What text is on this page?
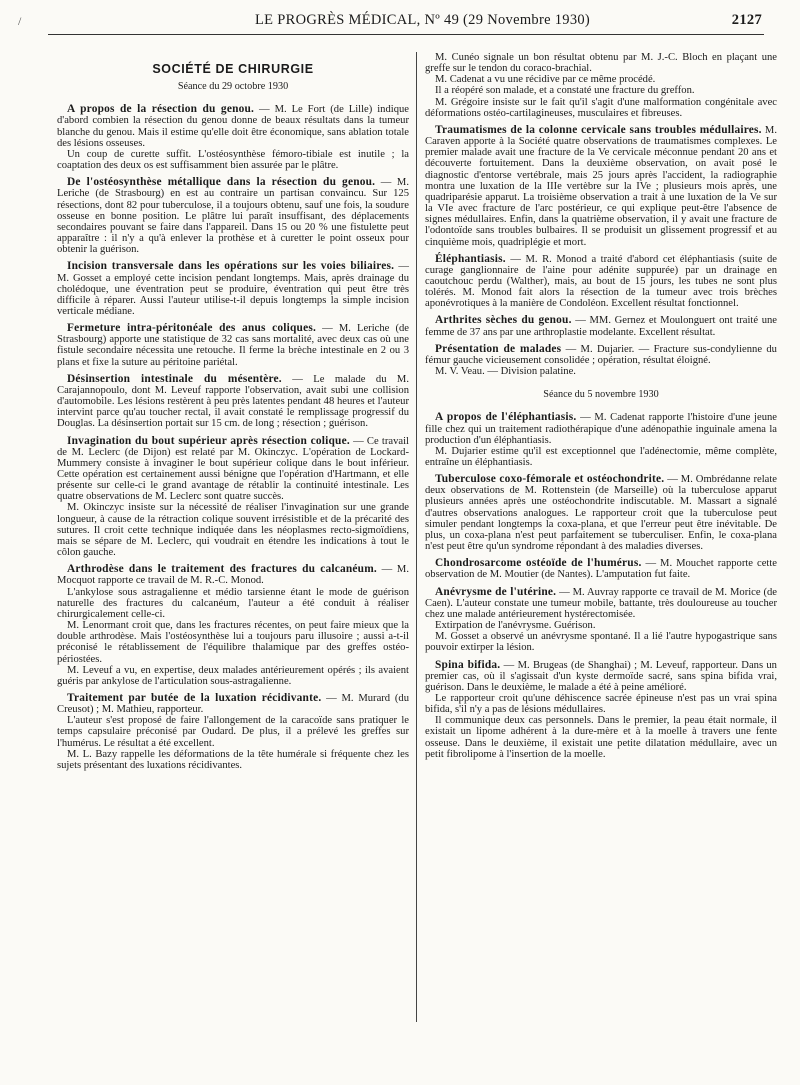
/	LE PROGRÈS MÉDICAL, Nº 49 (29 Novembre 1930)	2127
SOCIÉTÉ DE CHIRURGIE
Séance du 29 octobre 1930

A propos de la résection du genou. — M. Le Fort (de Lille) indique d'abord combien la résection du genou donne de beaux résultats dans la tumeur blanche du genou. Mais il estime qu'elle doit être économique, sans ablation totale des lésions osseuses.

Un coup de curette suffit. L'ostéosynthèse fémoro-tibiale est inutile ; la coaptation des deux os est suffisamment bien assurée par le plâtre.

De l'ostéosynthèse métallique dans la résection du genou. — M. Leriche (de Strasbourg) en est au contraire un partisan convaincu. Sur 125 résections, dont 82 pour tuberculose, il a toujours obtenu, sauf une fois, la soudure osseuse en bonne position. Le plâtre lui paraît insuffisant, des déplacements secondaires pouvant se faire dans l'appareil. Dans 15 ou 20 % une fistulette peut apparaître : il n'y a qu'à enlever la prothèse et à curetter le point osseux pour obtenir la guérison.

Incision transversale dans les opérations sur les voies biliaires. — M. Gosset a employé cette incision pendant longtemps. Mais, après drainage du cholédoque, une éventration peut se produire, éventration qui peut être très difficile à réparer. Aussi l'auteur utilise-t-il depuis longtemps la simple incision verticale médiane.

Fermeture intra-péritonéale des anus coliques. — M. Leriche (de Strasbourg) apporte une statistique de 32 cas sans mortalité, avec deux cas où une fistule secondaire nécessita une retouche. Il ferme la brèche intestinale en 2 ou 3 plans et fixe la suture au péritoine pariétal.

Désinsertion intestinale du mésentère. — Le malade du M. Carajannopoulo, dont M. Leveuf rapporte l'observation, avait subi une collision d'automobile. Les lésions restèrent à peu près latentes pendant 48 heures et l'auteur intervint parce qu'au toucher rectal, il avait constaté le remplissage progressif du Douglas. La désinsertion portait sur 15 cm. de long ; résection ; guérison.

Invagination du bout supérieur après résection colique. — Ce travail de M. Leclerc (de Dijon) est relaté par M. Okinczyc. L'opération de Lockard-Mummery consiste à invaginer le bout supérieur colique dans le bout inférieur. Cette opération est certainement aussi bénigne que l'opération d'Hartmann, et elle présente sur celle-ci le grand avantage de rétablir la continuité intestinale. Les quatre observations de M. Leclerc sont quatre succès.

M. Okinczyc insiste sur la nécessité de réaliser l'invagination sur une grande longueur, à cause de la rétraction colique souvent irrésistible et de la précarité des sutures. Il croit cette technique indiquée dans les néoplasmes recto-sigmoïdiens, mais se sépare de M. Leclerc, qui voudrait en étendre les indications à tout le côlon gauche.

Arthrodèse dans le traitement des fractures du calcanéum. — M. Mocquot rapporte ce travail de M. R.-C. Monod.

L'ankylose sous astragalienne et médio tarsienne étant le mode de guérison naturelle des fractures du calcanéum, l'auteur a été conduit à réaliser chirurgicalement celle-ci.

M. Lenormant croit que, dans les fractures récentes, on peut faire mieux que la double arthrodèse. Mais l'ostéosynthèse lui a toujours paru illusoire ; aussi a-t-il préconisé le rétablissement de l'équilibre thalamique par des greffes ostéo-périostées.

M. Leveuf a vu, en expertise, deux malades antérieurement opérés ; ils avaient guéris par ankylose de l'articulation sous-astragalienne.

Traitement par butée de la luxation récidivante. — M. Murard (du Creusot) ; M. Mathieu, rapporteur.

L'auteur s'est proposé de faire l'allongement de la caracoïde sans pratiquer le temps capsulaire préconisé par Oudard. De plus, il a prélevé les greffes sur l'humérus. Le résultat a été excellent.

M. L. Bazy rappelle les déformations de la tête humérale si fréquente chez les sujets présentant des luxations récidivantes.

M. Cunéo signale un bon résultat obtenu par M. J.-C. Bloch en plaçant une greffe sur le tendon du coraco-brachial.

M. Cadenat a vu une récidive par ce même procédé.

Il a réopéré son malade, et a constaté une fracture du greffon.

M. Grégoire insiste sur le fait qu'il s'agit d'une malformation congénitale avec déformations ostéo-cartilagineuses, musculaires et fibreuses.

Traumatismes de la colonne cervicale sans troubles médullaires. M. Caraven apporte à la Société quatre observations de traumatismes complexes. Le premier malade avait une fracture de la Ve cervicale méconnue pendant 20 ans et découverte fortuitement. Dans la deuxième observation, on avait posé le diagnostic d'entorse vertébrale, mais 25 jours après l'accident, la radiographie montra une luxation de la IIIe vertèbre sur la IVe ; plusieurs mois après, une quadriparésie apparut. La troisième observation a trait à une luxation de la Ve sur la VIe avec fracture de l'arc postérieur, ce qui explique peut-être l'absence de signes médullaires. Enfin, dans la quatrième observation, il y avait une fracture de l'odontoïde sans troubles bulbaires. Il se produisit un glissement progressif et au cinquième mois, quadriplégie et mort.

Éléphantiasis. — M. R. Monod a traité d'abord cet éléphantiasis (suite de curage ganglionnaire de l'aine pour adénite suppurée) par un drainage en caoutchouc perdu (Walther), mais, au bout de 15 jours, les tubes ne sont plus tolérés. M. Monod fait alors la résection de la tumeur avec trois brèches aponévrotiques à la manière de Condoléon. Excellent résultat fonctionnel.

Arthrites sèches du genou. — MM. Gernez et Moulonguert ont traité une femme de 37 ans par une arthroplastie modelante. Excellent résultat.

Présentation de malades — M. Dujarier. — Fracture sus-condylienne du fémur gauche vicieusement consolidée ; opération, résultat éloigné.

M. V. Veau. — Division palatine.

Séance du 5 novembre 1930

A propos de l'éléphantiasis. — M. Cadenat rapporte l'histoire d'une jeune fille chez qui un traitement radiothérapique d'une adénopathie inguinale amena la production d'un éléphantiasis.

M. Dujarier estime qu'il est exceptionnel que l'adénectomie, même complète, entraîne un éléphantiasis.

Tuberculose coxo-fémorale et ostéochondrite. — M. Ombrédanne relate deux observations de M. Rottenstein (de Marseille) où la tuberculose apparut plusieurs années après une ostéochondrite indiscutable. M. Massart a signalé d'autres observations analogues. Le rapporteur croit que la tuberculose peut simuler pendant longtemps la coxa-plana, et que l'erreur peut être inévitable. De plus, un coxa-plana n'est peut parfaitement se tuberculiser. Enfin, le coxa-plana n'est peut être qu'un syndrome répondant à des maladies diverses.

Chondrosarcome ostéoïde de l'humérus. — M. Mouchet rapporte cette observation de M. Moutier (de Nantes). L'amputation fut faite.

Anévrysme de l'utérine. — M. Auvray rapporte ce travail de M. Morice (de Caen). L'auteur constate une tumeur mobile, battante, très douloureuse au toucher chez une malade antérieurement hystérectomisée.

Extirpation de l'anévrysme. Guérison.

M. Gosset a observé un anévrysme spontané. Il a lié l'autre hypogastrique sans pouvoir extirper la lésion.

Spina bifida. — M. Brugeas (de Shanghai) ; M. Leveuf, rapporteur. Dans un premier cas, où il s'agissait d'un kyste dermoïde sacré, sans spina bifida vrai, guérison. Dans le deuxième, le malade a été à peine amélioré.

Le rapporteur croit qu'une déhiscence sacrée épineuse n'est pas un vrai spina bifida, s'il n'y a pas de lésions médullaires.

Il communique deux cas personnels. Dans le premier, la peau était normale, il existait un lipome adhérent à la dure-mère et à la moelle à travers une fente osseuse. Dans le deuxième, il existait une petite dilatation médullaire, avec un petit fibrolipome à l'insertion de la moelle.
